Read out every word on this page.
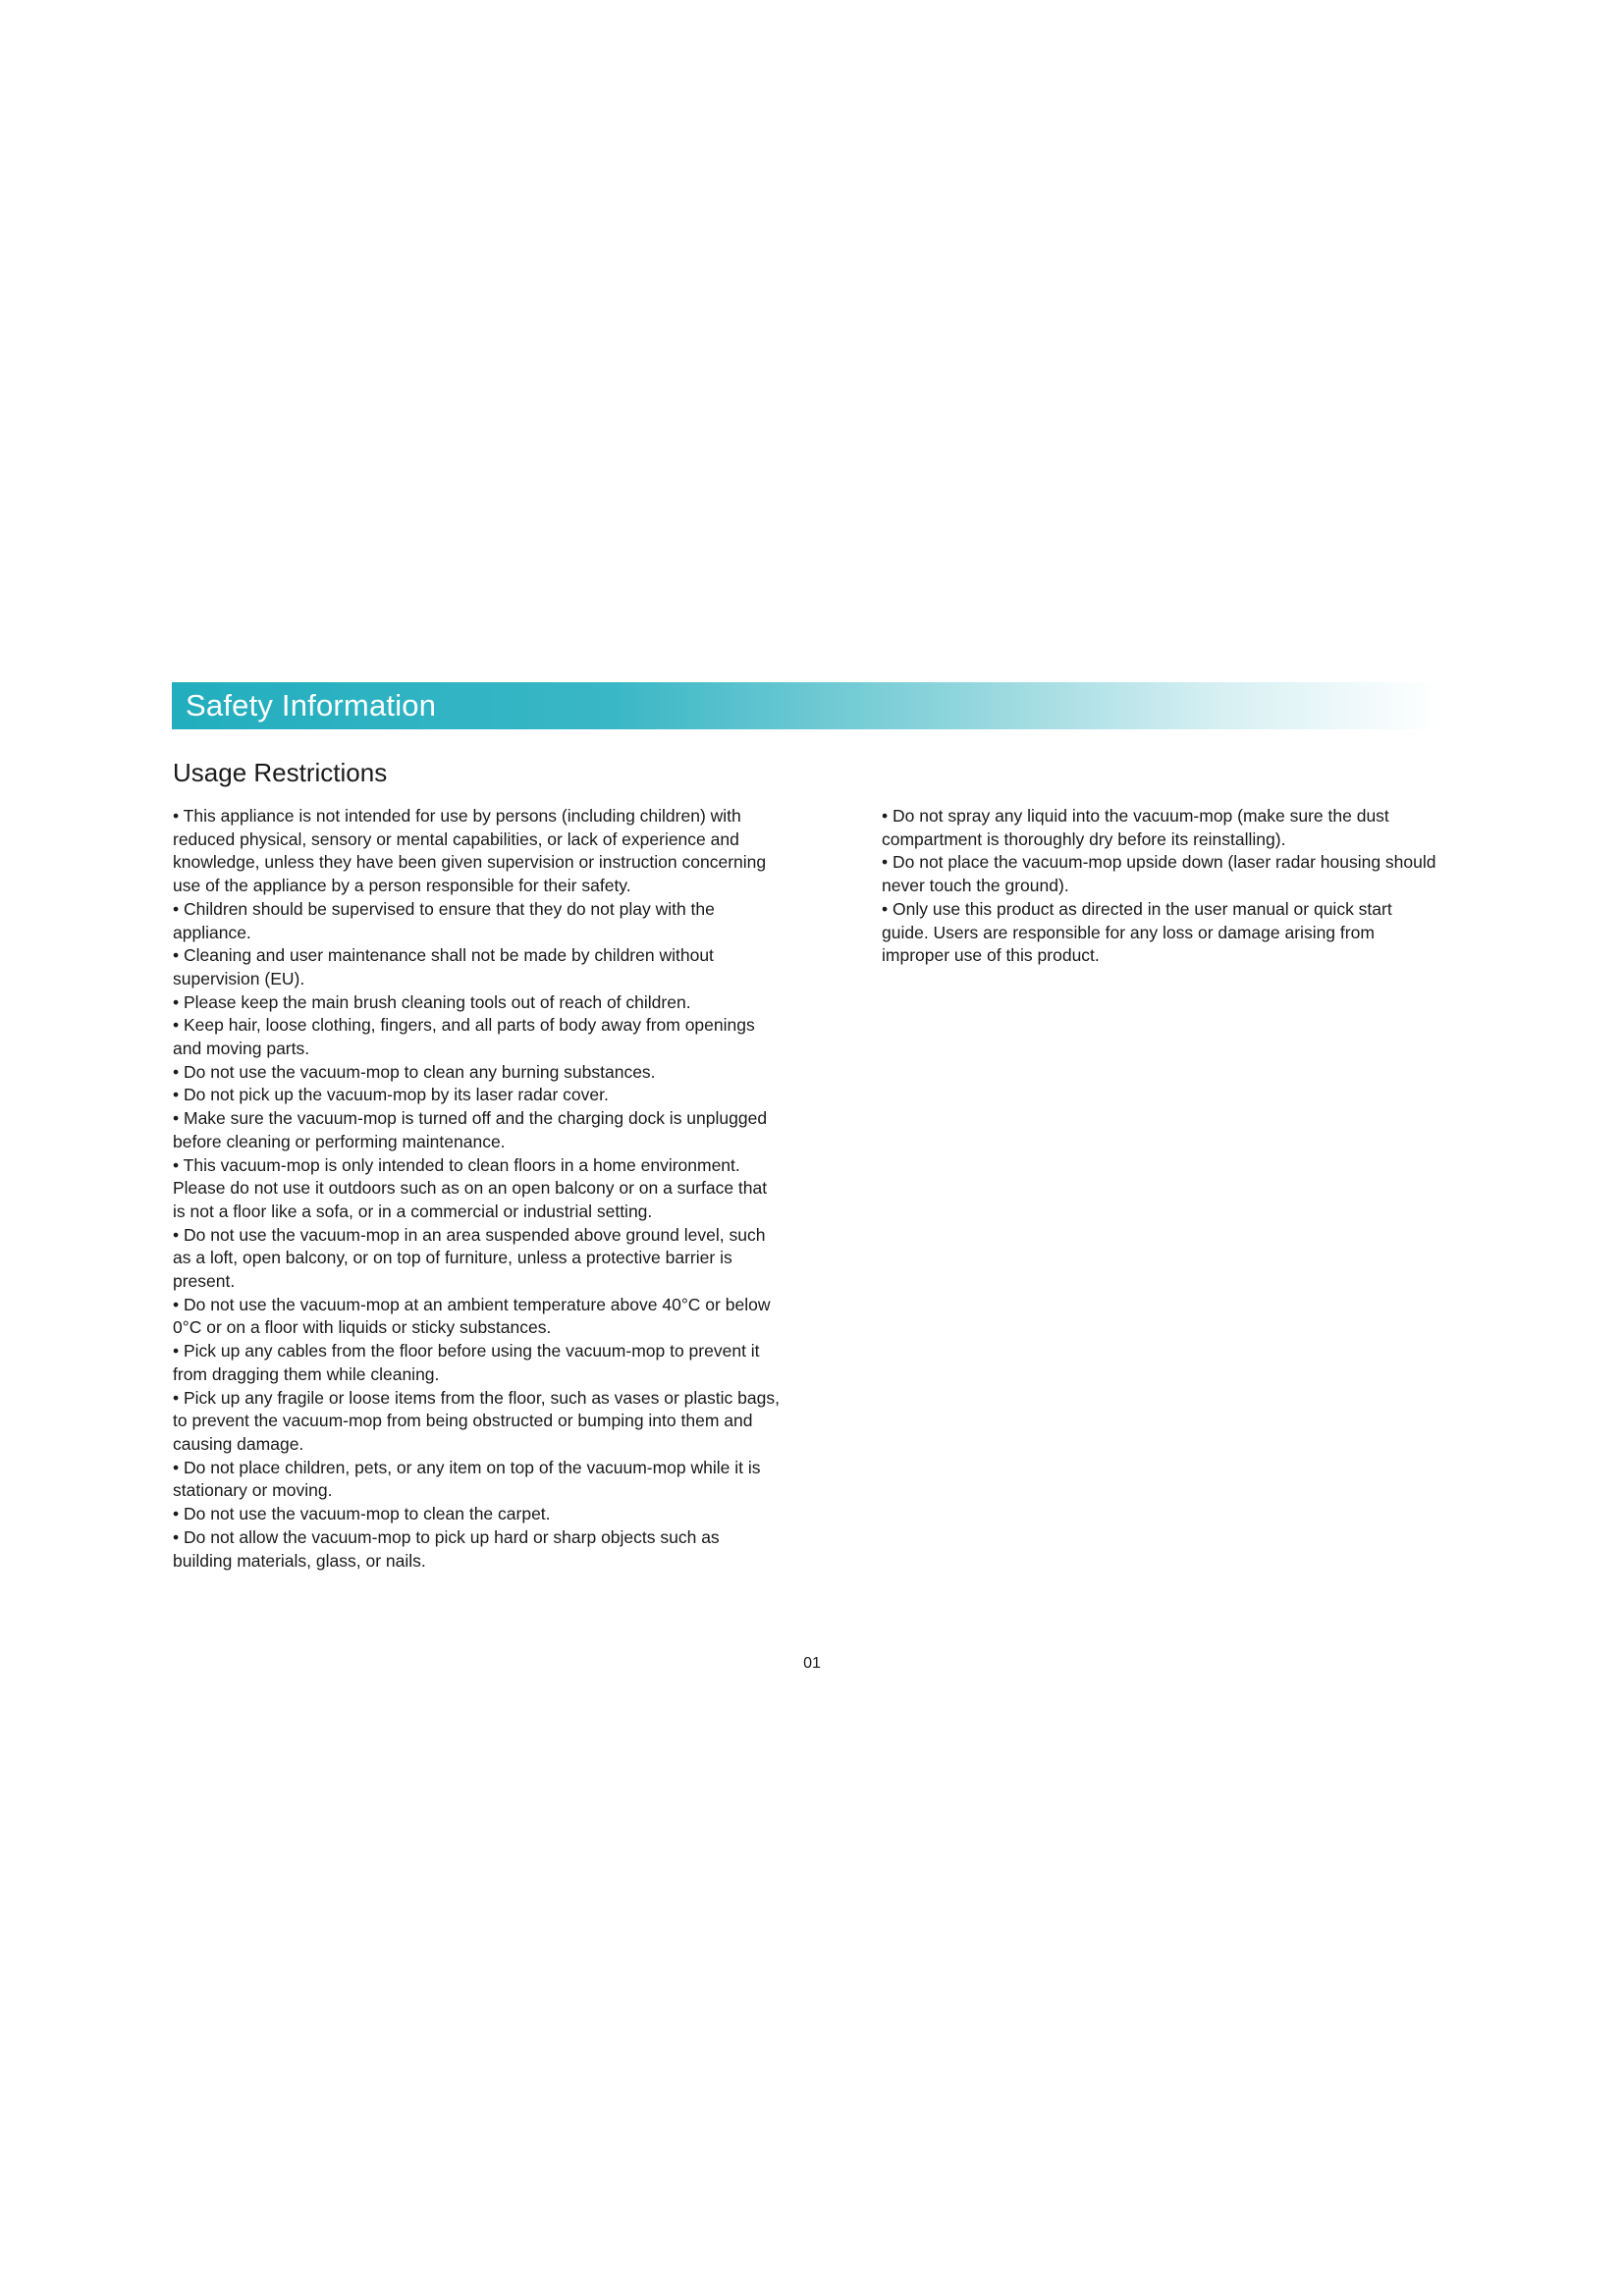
Safety Information
Usage Restrictions

• This appliance is not intended for use by persons (including children) with reduced physical, sensory or mental capabilities, or lack of experience and knowledge, unless they have been given supervision or instruction concerning use of the appliance by a person responsible for their safety.

• Children should be supervised to ensure that they do not play with the appliance.

• Cleaning and user maintenance shall not be made by children without supervision (EU).

• Please keep the main brush cleaning tools out of reach of children.

• Keep hair, loose clothing, fingers, and all parts of body away from openings and moving parts.

• Do not use the vacuum-mop to clean any burning substances.

• Do not pick up the vacuum-mop by its laser radar cover.

• Make sure the vacuum-mop is turned off and the charging dock is unplugged before cleaning or performing maintenance.

• This vacuum-mop is only intended to clean floors in a home environment. Please do not use it outdoors such as on an open balcony or on a surface that is not a floor like a sofa, or in a commercial or industrial setting.

• Do not use the vacuum-mop in an area suspended above ground level, such as a loft, open balcony, or on top of furniture, unless a protective barrier is present.

• Do not use the vacuum-mop at an ambient temperature above 40°C or below 0°C or on a floor with liquids or sticky substances.

• Pick up any cables from the floor before using the vacuum-mop to prevent it from dragging them while cleaning.

• Pick up any fragile or loose items from the floor, such as vases or plastic bags, to prevent the vacuum-mop from being obstructed or bumping into them and causing damage.

• Do not place children, pets, or any item on top of the vacuum-mop while it is stationary or moving.

• Do not use the vacuum-mop to clean the carpet.

• Do not allow the vacuum-mop to pick up hard or sharp objects such as building materials, glass, or nails.

• Do not spray any liquid into the vacuum-mop (make sure the dust compartment is thoroughly dry before its reinstalling).

• Do not place the vacuum-mop upside down (laser radar housing should never touch the ground).

• Only use this product as directed in the user manual or quick start guide. Users are responsible for any loss or damage arising from improper use of this product.

01
